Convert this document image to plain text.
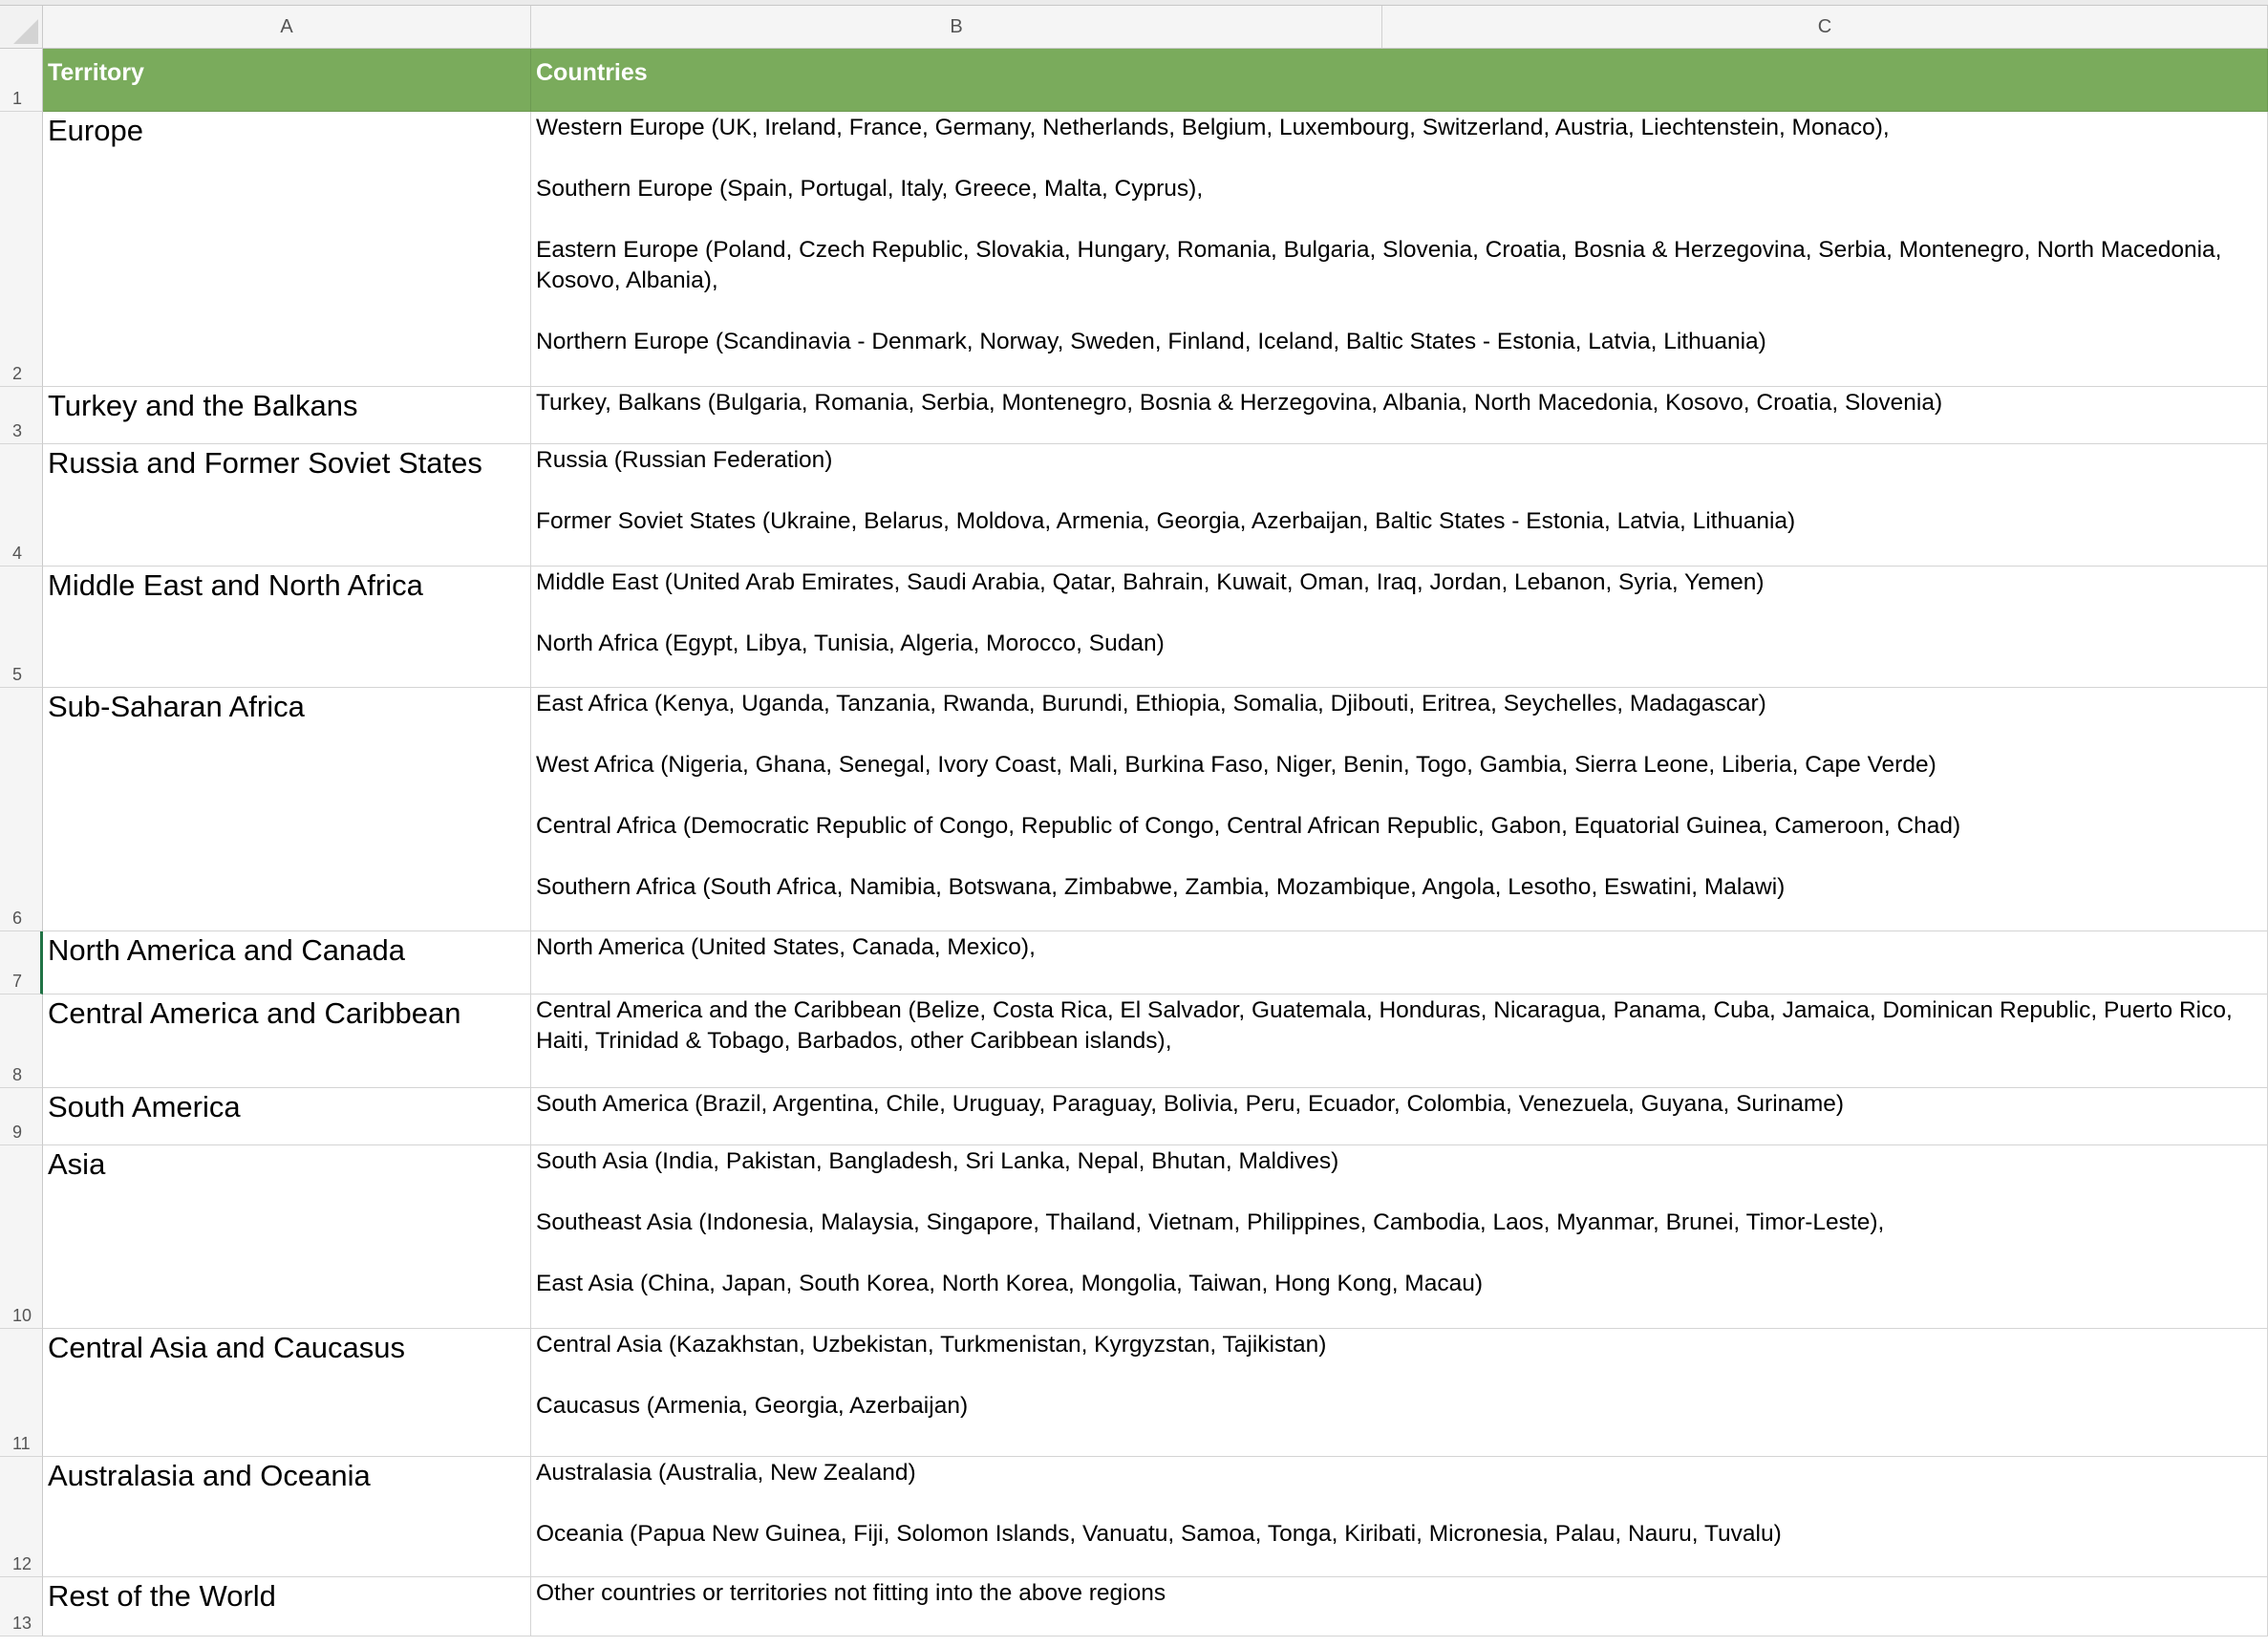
A	B	C
1
2
3
4
5
6
7
8
9
10
11
12
13
Territory	Countries
Europe	Western Europe (UK, Ireland, France, Germany, Netherlands, Belgium, Luxembourg, Switzerland, Austria, Liechtenstein, Monaco),
Southern Europe (Spain, Portugal, Italy, Greece, Malta, Cyprus),
Eastern Europe (Poland, Czech Republic, Slovakia, Hungary, Romania, Bulgaria, Slovenia, Croatia, Bosnia & Herzegovina, Serbia, Montenegro, North Macedonia, Kosovo, Albania),
Northern Europe (Scandinavia - Denmark, Norway, Sweden, Finland, Iceland, Baltic States - Estonia, Latvia, Lithuania)
Turkey and the Balkans	Turkey, Balkans (Bulgaria, Romania, Serbia, Montenegro, Bosnia & Herzegovina, Albania, North Macedonia, Kosovo, Croatia, Slovenia)
Russia and Former Soviet States	Russia (Russian Federation)
Former Soviet States (Ukraine, Belarus, Moldova, Armenia, Georgia, Azerbaijan, Baltic States - Estonia, Latvia, Lithuania)
Middle East and North Africa	Middle East (United Arab Emirates, Saudi Arabia, Qatar, Bahrain, Kuwait, Oman, Iraq, Jordan, Lebanon, Syria, Yemen)
North Africa (Egypt, Libya, Tunisia, Algeria, Morocco, Sudan)
Sub-Saharan Africa	East Africa (Kenya, Uganda, Tanzania, Rwanda, Burundi, Ethiopia, Somalia, Djibouti, Eritrea, Seychelles, Madagascar)
West Africa (Nigeria, Ghana, Senegal, Ivory Coast, Mali, Burkina Faso, Niger, Benin, Togo, Gambia, Sierra Leone, Liberia, Cape Verde)
Central Africa (Democratic Republic of Congo, Republic of Congo, Central African Republic, Gabon, Equatorial Guinea, Cameroon, Chad)
Southern Africa (South Africa, Namibia, Botswana, Zimbabwe, Zambia, Mozambique, Angola, Lesotho, Eswatini, Malawi)
North America and Canada	North America (United States, Canada, Mexico),
Central America and Caribbean	Central America and the Caribbean (Belize, Costa Rica, El Salvador, Guatemala, Honduras, Nicaragua, Panama, Cuba, Jamaica, Dominican Republic, Puerto Rico, Haiti, Trinidad & Tobago, Barbados, other Caribbean islands),
South America	South America (Brazil, Argentina, Chile, Uruguay, Paraguay, Bolivia, Peru, Ecuador, Colombia, Venezuela, Guyana, Suriname)
Asia	South Asia (India, Pakistan, Bangladesh, Sri Lanka, Nepal, Bhutan, Maldives)
Southeast Asia (Indonesia, Malaysia, Singapore, Thailand, Vietnam, Philippines, Cambodia, Laos, Myanmar, Brunei, Timor-Leste),
East Asia (China, Japan, South Korea, North Korea, Mongolia, Taiwan, Hong Kong, Macau)
Central Asia and Caucasus	Central Asia (Kazakhstan, Uzbekistan, Turkmenistan, Kyrgyzstan, Tajikistan)
Caucasus (Armenia, Georgia, Azerbaijan)
Australasia and Oceania	Australasia (Australia, New Zealand)
Oceania (Papua New Guinea, Fiji, Solomon Islands, Vanuatu, Samoa, Tonga, Kiribati, Micronesia, Palau, Nauru, Tuvalu)
Rest of the World	Other countries or territories not fitting into the above regions
